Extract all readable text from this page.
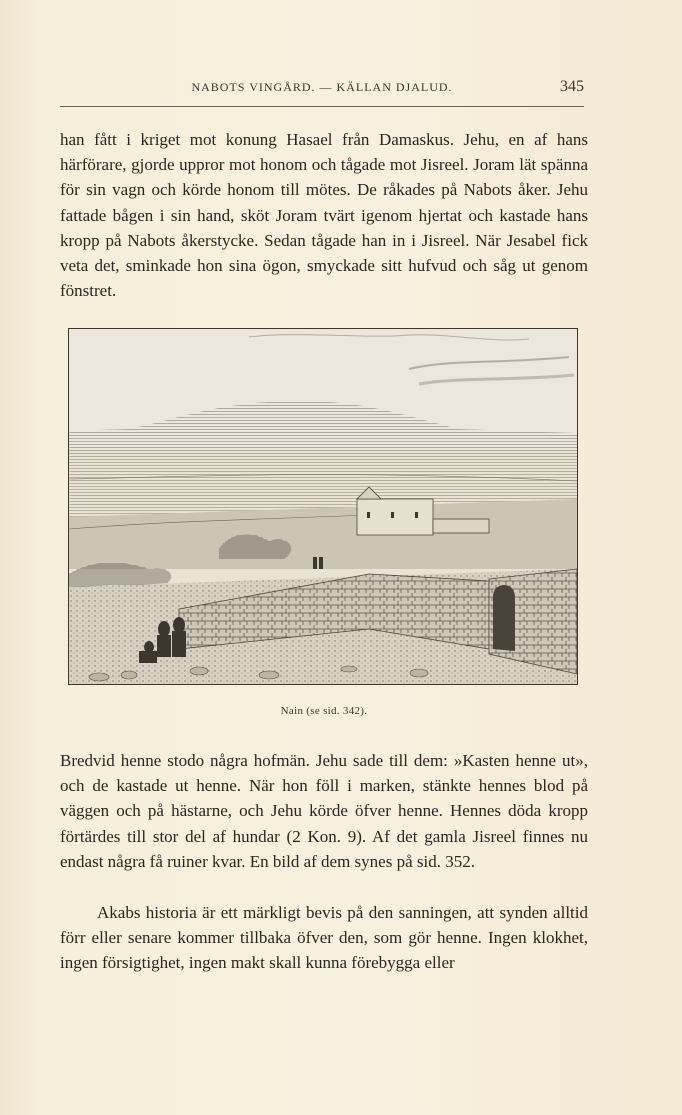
NABOTS VINGÅRD. — KÄLLAN DJALUD.	345

han fått i kriget mot konung Hasael från Damaskus. Jehu, en af hans härförare, gjorde uppror mot honom och tågade mot Jisreel. Joram lät spänna för sin vagn och körde honom till mötes. De råkades på Nabots åker. Jehu fattade bågen i sin hand, sköt Joram tvärt igenom hjertat och kastade hans kropp på Nabots åkerstycke. Sedan tågade han in i Jisreel. När Jesabel fick veta det, sminkade hon sina ögon, smyckade sitt hufvud och såg ut genom fönstret.

Nain (se sid. 342).

Bredvid henne stodo några hofmän. Jehu sade till dem: »Kasten henne ut», och de kastade ut henne. När hon föll i marken, stänkte hennes blod på väggen och på hästarne, och Jehu körde öfver henne. Hennes döda kropp förtärdes till stor del af hundar (2 Kon. 9). Af det gamla Jisreel finnes nu endast några få ruiner kvar. En bild af dem synes på sid. 352.

Akabs historia är ett märkligt bevis på den sanningen, att synden alltid förr eller senare kommer tillbaka öfver den, som gör henne. Ingen klokhet, ingen försigtighet, ingen makt skall kunna förebygga eller
